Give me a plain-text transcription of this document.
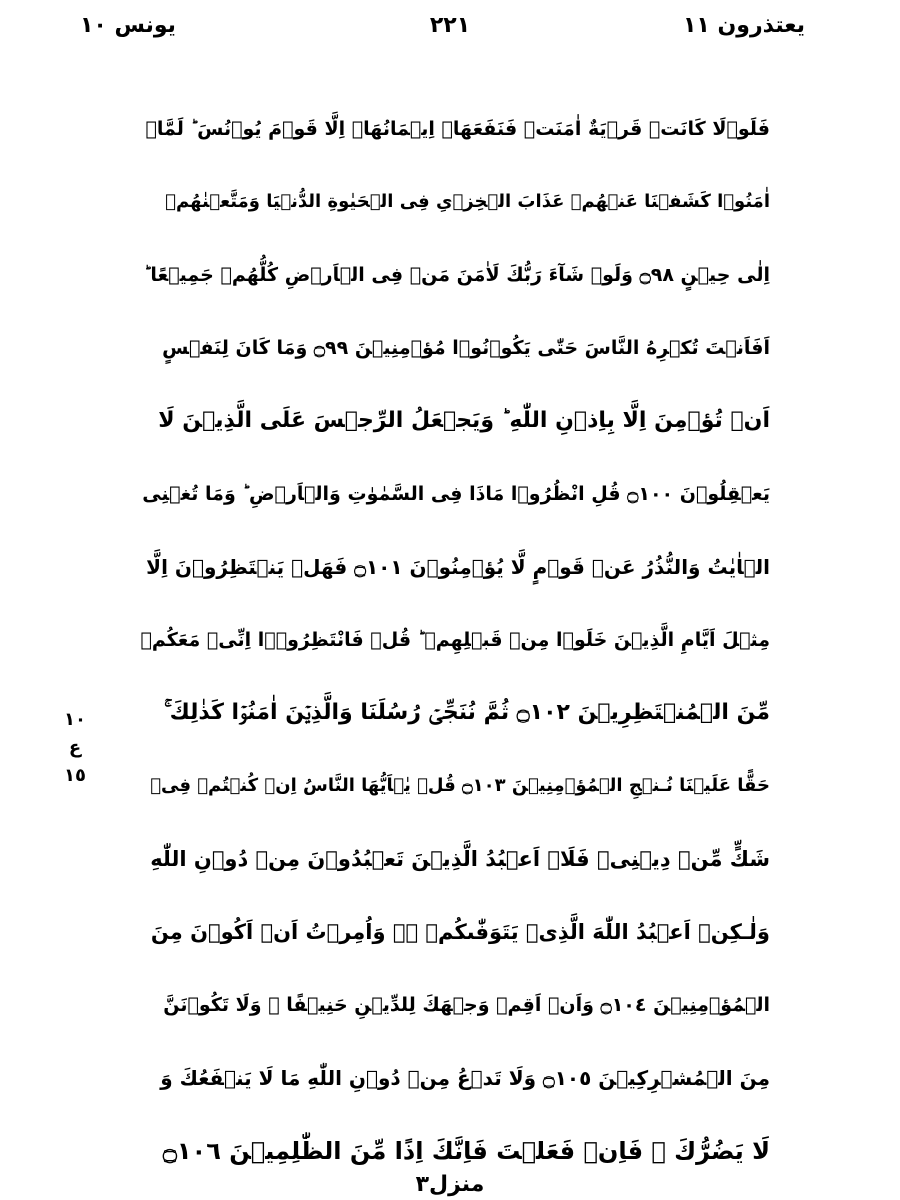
يونس ١٠	٢٢١	يعتذرون ١١
فَلَوۡلَا كَانَتۡ قَرۡيَةٌ اٰمَنَتۡ فَنَفَعَهَاۤ اِيۡمَانُهَاۤ اِلَّا قَوۡمَ يُوۡنُسَ ؕ لَمَّاۤ
اٰمَنُوۡا كَشَفۡنَا عَنۡهُمۡ عَذَابَ الۡخِزۡىِ فِى الۡحَيٰوةِ الدُّنۡيَا وَمَتَّعۡنٰهُمۡ
اِلٰى حِيۡنٍ ۝٩٨ وَلَوۡ شَآءَ رَبُّكَ لَاٰمَنَ مَنۡ فِى الۡاَرۡضِ كُلُّهُمۡ جَمِيۡعًا ؕ
اَفَاَنۡتَ تُكۡرِهُ النَّاسَ حَتّٰى يَكُوۡنُوۡا مُؤۡمِنِيۡنَ ۝٩٩ وَمَا كَانَ لِنَفۡسٍ
اَنۡ تُؤۡمِنَ اِلَّا بِاِذۡنِ اللّٰهِ ؕ وَيَجۡعَلُ الرِّجۡسَ عَلَى الَّذِيۡنَ لَا
يَعۡقِلُوۡنَ ۝١٠٠ قُلِ انْظُرُوۡا مَاذَا فِى السَّمٰوٰتِ وَالۡاَرۡضِ ؕ وَمَا تُغۡنِى
الۡاٰيٰتُ وَالنُّذُرُ عَنۡ قَوۡمٍ لَّا يُؤۡمِنُوۡنَ ۝١٠١ فَهَلۡ يَنۡتَظِرُوۡنَ اِلَّا
مِثۡلَ اَيَّامِ الَّذِيۡنَ خَلَوۡا مِنۡ قَبۡلِهِمۡ ؕ قُلۡ فَانْتَظِرُوۡۤا اِنِّىۡ مَعَكُمۡ
مِّنَ الۡمُنۡتَظِرِيۡنَ ۝١٠٢ ثُمَّ نُنَجِّىۡ رُسُلَنَا وَالَّذِيۡنَ اٰمَنُوۡا كَذٰلِكَ ۚ
حَقًّا عَلَيۡنَا نُـنۡجِ الۡمُؤۡمِنِيۡنَ ۝١٠٣ قُلۡ يٰۤاَيُّهَا النَّاسُ اِنۡ كُنۡتُمۡ فِىۡ
شَكٍّ مِّنۡ دِيۡنِىۡ فَلَاۤ اَعۡبُدُ الَّذِيۡنَ تَعۡبُدُوۡنَ مِنۡ دُوۡنِ اللّٰهِ
وَلٰـكِنۡ اَعۡبُدُ اللّٰهَ الَّذِىۡ يَتَوَفّٰٮكُمۡ ۖۚ وَاُمِرۡتُ اَنۡ اَكُوۡنَ مِنَ
الۡمُؤۡمِنِيۡنَ ۝١٠٤ وَاَنۡ اَقِمۡ وَجۡهَكَ لِلدِّيۡنِ حَنِيۡفًا ۚ وَلَا تَكُوۡنَنَّ
مِنَ الۡمُشۡرِكِيۡنَ ۝١٠٥ وَلَا تَدۡعُ مِنۡ دُوۡنِ اللّٰهِ مَا لَا يَنۡفَعُكَ وَ
لَا يَضُرُّكَ ۚ فَاِنۡ فَعَلۡتَ فَاِنَّكَ اِذًا مِّنَ الظّٰلِمِيۡنَ ۝١٠٦
١٠
ع
١٥
منزل٣
